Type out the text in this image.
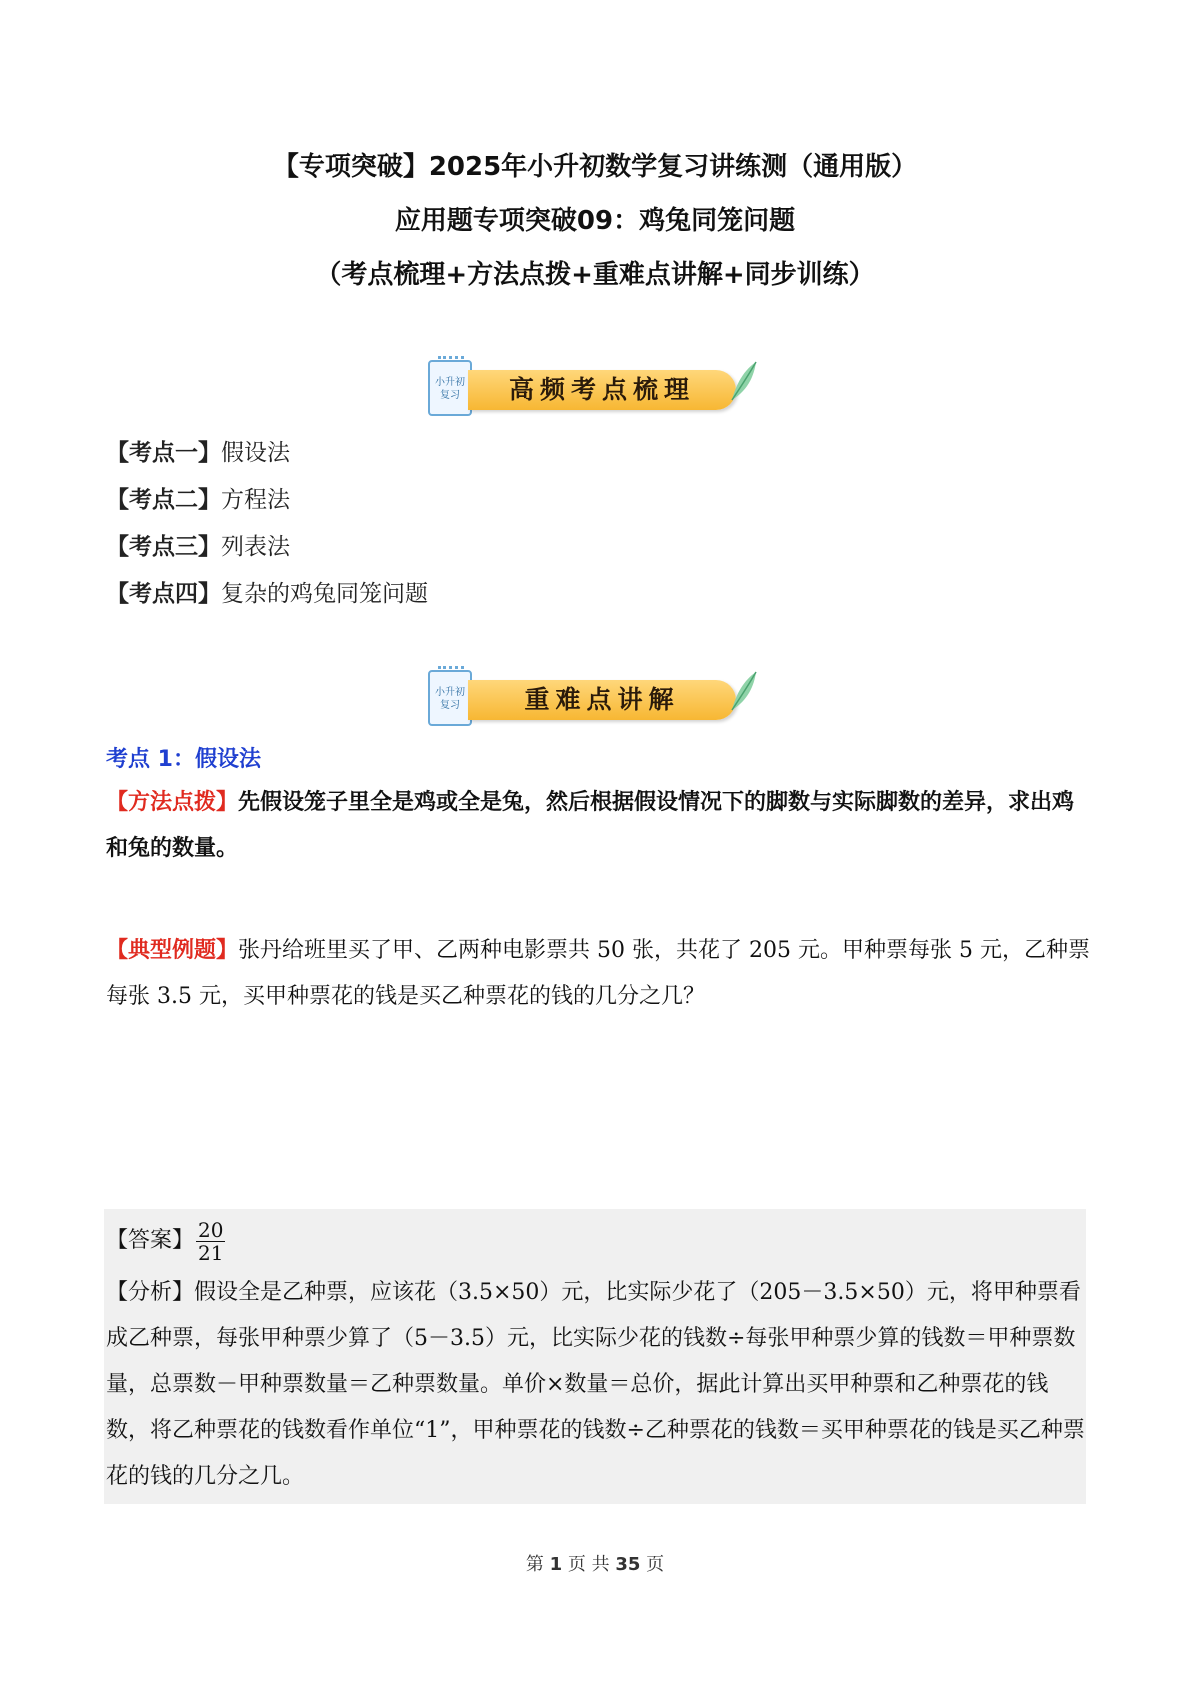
【专项突破】2025年小升初数学复习讲练测（通用版）
应用题专项突破09：鸡兔同笼问题
（考点梳理+方法点拨+重难点讲解+同步训练）
小升初
复习	高频考点梳理
【考点一】假设法
【考点二】方程法
【考点三】列表法
【考点四】复杂的鸡兔同笼问题
小升初
复习	重难点讲解
考点 1：假设法
【方法点拨】先假设笼子里全是鸡或全是兔，然后根据假设情况下的脚数与实际脚数的差异，求出鸡和兔的数量。
【典型例题】张丹给班里买了甲、乙两种电影票共 50 张，共花了 205 元。甲种票每张 5 元，乙种票每张 3.5 元，买甲种票花的钱是买乙种票花的钱的几分之几？
【答案】 $\frac{20}{21}$
【分析】假设全是乙种票，应该花（3.5×50）元，比实际少花了（205－3.5×50）元，将甲种票看成乙种票，每张甲种票少算了（5－3.5）元，比实际少花的钱数÷每张甲种票少算的钱数＝甲种票数量，总票数－甲种票数量＝乙种票数量。单价×数量＝总价，据此计算出买甲种票和乙种票花的钱数，将乙种票花的钱数看作单位“1”，甲种票花的钱数÷乙种票花的钱数＝买甲种票花的钱是买乙种票花的钱的几分之几。
第 1 页 共 35 页
